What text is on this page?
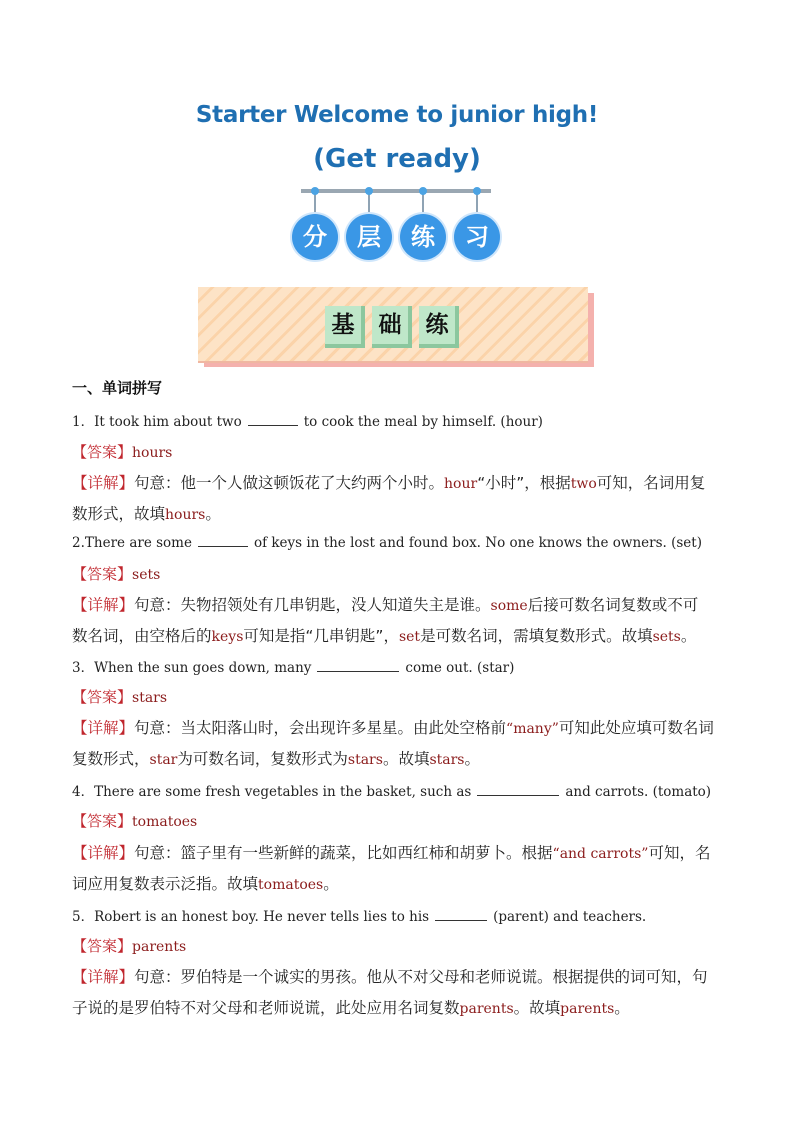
Starter Welcome to junior high!
(Get ready)
分	层	练	习
基	础	练
一、单词拼写
1．It took him about two	to cook the meal by himself. (hour)
【答案】hours
【详解】句意：他一个人做这顿饭花了大约两个小时。hour“小时”，根据two可知，名词用复
数形式，故填hours。
2.There are some	of keys in the lost and found box. No one knows the owners. (set)
【答案】sets
【详解】句意：失物招领处有几串钥匙，没人知道失主是谁。some后接可数名词复数或不可
数名词，由空格后的keys可知是指“几串钥匙”，set是可数名词，需填复数形式。故填sets。
3．When the sun goes down, many	come out. (star)
【答案】stars
【详解】句意：当太阳落山时，会出现许多星星。由此处空格前“many”可知此处应填可数名词
复数形式，star为可数名词，复数形式为stars。故填stars。
4．There are some fresh vegetables in the basket, such as	and carrots. (tomato)
【答案】tomatoes
【详解】句意：篮子里有一些新鲜的蔬菜，比如西红柿和胡萝卜。根据“and carrots”可知，名
词应用复数表示泛指。故填tomatoes。
5．Robert is an honest boy. He never tells lies to his	(parent) and teachers.
【答案】parents
【详解】句意：罗伯特是一个诚实的男孩。他从不对父母和老师说谎。根据提供的词可知，句
子说的是罗伯特不对父母和老师说谎，此处应用名词复数parents。故填parents。
